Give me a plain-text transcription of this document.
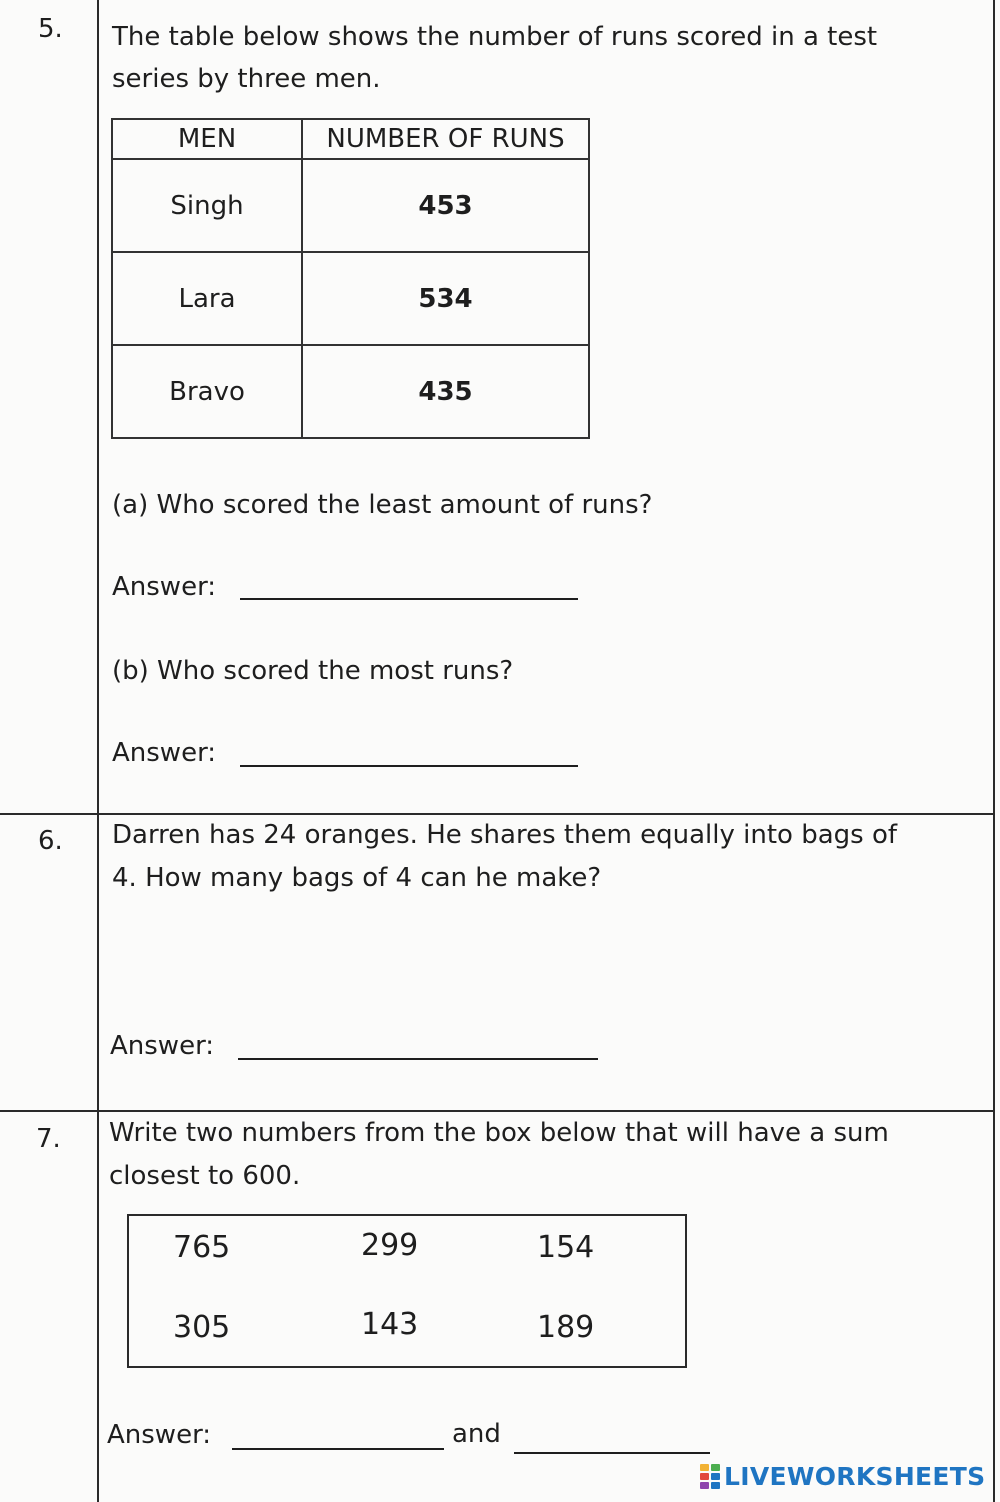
5. The table below shows the number of runs scored in a test
series by three men.
MEN	NUMBER OF RUNS
Singh	453
Lara	534
Bravo	435
(a) Who scored the least amount of runs?
Answer:
(b) Who scored the most runs?
Answer:
6. Darren has 24 oranges. He shares them equally into bags of
4. How many bags of 4 can he make?
Answer:
7. Write two numbers from the box below that will have a sum
closest to 600.
765	299	154
305	143	189
Answer:	and
LIVEWORKSHEETS
